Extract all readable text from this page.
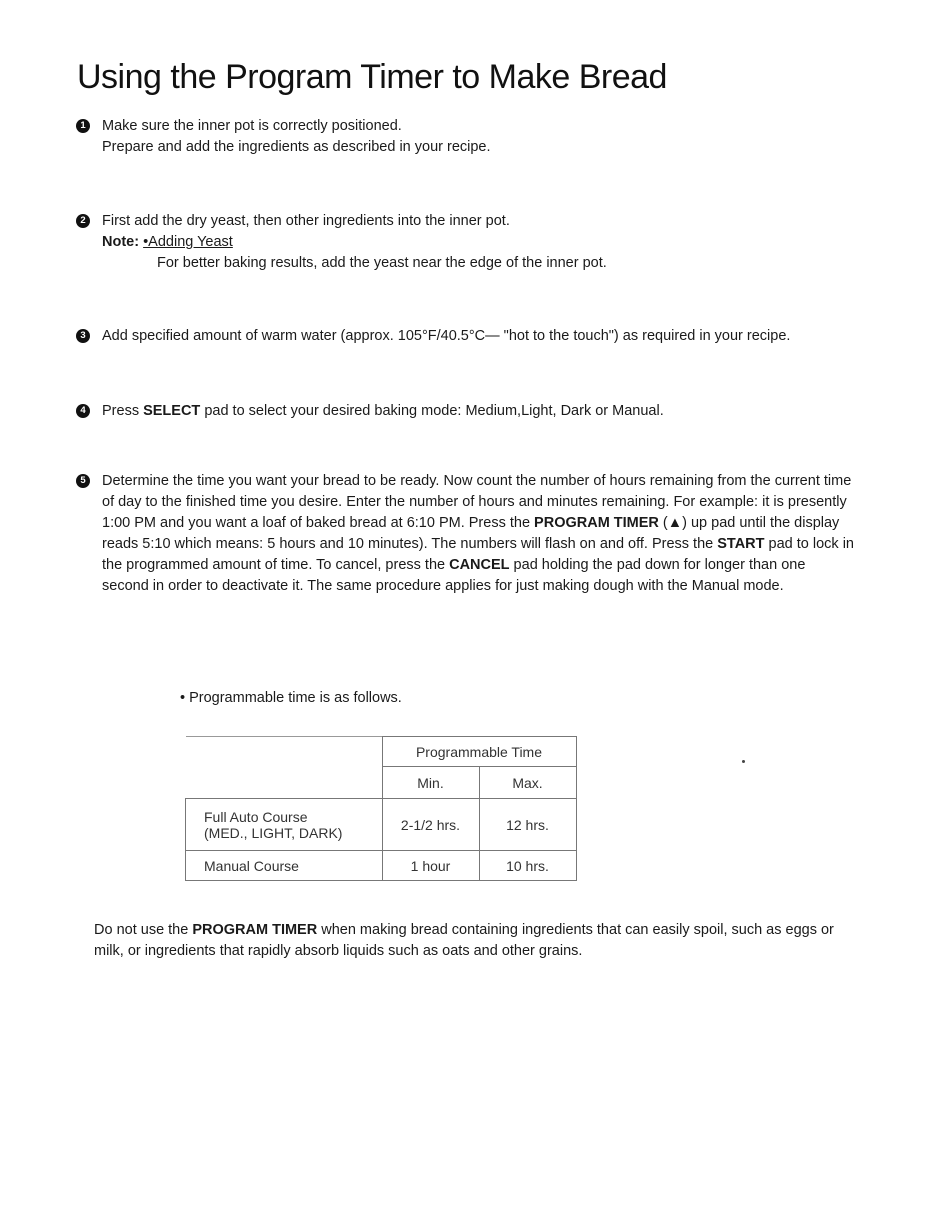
Using the Program Timer to Make Bread
1	Make sure the inner pot is correctly positioned.

Prepare and add the ingredients as described in your recipe.

2	First add the dry yeast, then other ingredients into the inner pot.

Note: •Adding Yeast

For better baking results, add the yeast near the edge of the inner pot.

3	Add specified amount of warm water (approx. 105°F/40.5°C— "hot to the touch") as required in your recipe.

4	Press SELECT pad to select your desired baking mode: Medium,Light, Dark or Manual.

5	Determine the time you want your bread to be ready. Now count the number of hours remaining from the current time of day to the finished time you desire. Enter the number of hours and minutes remaining. For example: it is presently 1:00 PM and you want a loaf of baked bread at 6:10 PM. Press the PROGRAM TIMER (▲) up pad until the display reads 5:10 which means: 5 hours and 10 minutes). The numbers will flash on and off. Press the START pad to lock in the programmed amount of time. To cancel, press the CANCEL pad holding the pad down for longer than one second in order to deactivate it. The same procedure applies for just making dough with the Manual mode.

• Programmable time is as follows.
	Programmable Time	
	Min.	Max.

Full Auto Course
(MED., LIGHT, DARK)	2-1/2 hrs.	12 hrs.
Manual Course	1 hour	10 hrs.

Do not use the PROGRAM TIMER when making bread containing ingredients that can easily spoil, such as eggs or milk, or ingredients that rapidly absorb liquids such as oats and other grains.
